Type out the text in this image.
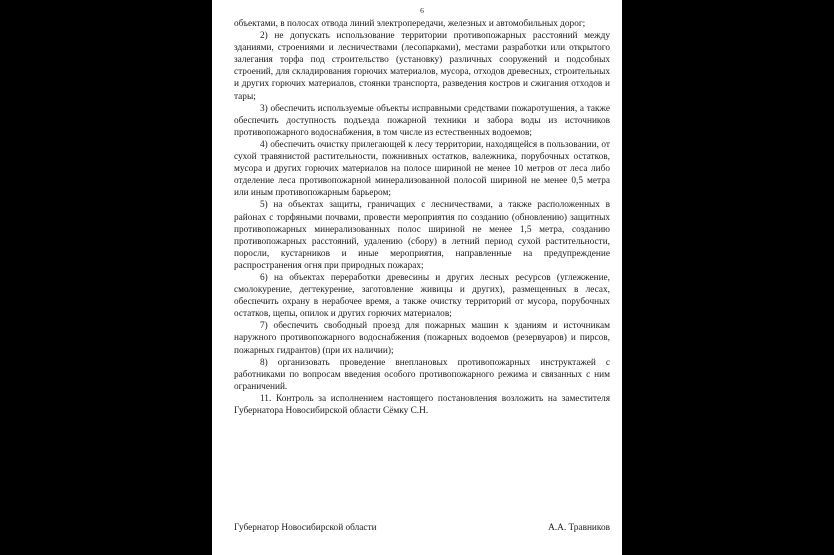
6

объектами, в полосах отвода линий электропередачи, железных и автомобильных дорог;

2) не допускать использование территории противопожарных расстояний между зданиями, строениями и лесничествами (лесопарками), местами разработки или открытого залегания торфа под строительство (установку) различных сооружений и подсобных строений, для складирования горючих материалов, мусора, отходов древесных, строительных и других горючих материалов, стоянки транспорта, разведения костров и сжигания отходов и тары;

3) обеспечить используемые объекты исправными средствами пожаротушения, а также обеспечить доступность подъезда пожарной техники и забора воды из источников противопожарного водоснабжения, в том числе из естественных водоемов;

4) обеспечить очистку прилегающей к лесу территории, находящейся в пользовании, от сухой травянистой растительности, пожнивных остатков, валежника, порубочных остатков, мусора и других горючих материалов на полосе шириной не менее 10 метров от леса либо отделение леса противопожарной минерализованной полосой шириной не менее 0,5 метра или иным противопожарным барьером;

5) на объектах защиты, граничащих с лесничествами, а также расположенных в районах с торфяными почвами, провести мероприятия по созданию (обновлению) защитных противопожарных минерализованных полос шириной не менее 1,5 метра, созданию противопожарных расстояний, удалению (сбору) в летний период сухой растительности, поросли, кустарников и иные мероприятия, направленные на предупреждение распространения огня при природных пожарах;

6) на объектах переработки древесины и других лесных ресурсов (углежжение, смолокурение, дегтекурение, заготовление живицы и других), размещенных в лесах, обеспечить охрану в нерабочее время, а также очистку территорий от мусора, порубочных остатков, щепы, опилок и других горючих материалов;

7) обеспечить свободный проезд для пожарных машин к зданиям и источникам наружного противопожарного водоснабжения (пожарных водоемов (резервуаров) и пирсов, пожарных гидрантов) (при их наличии);

8) организовать проведение внеплановых противопожарных инструктажей с работниками по вопросам введения особого противопожарного режима и связанных с ним ограничений.

11. Контроль за исполнением настоящего постановления возложить на заместителя Губернатора Новосибирской области Сёмку С.Н.

Губернатор Новосибирской области	А.А. Травников
